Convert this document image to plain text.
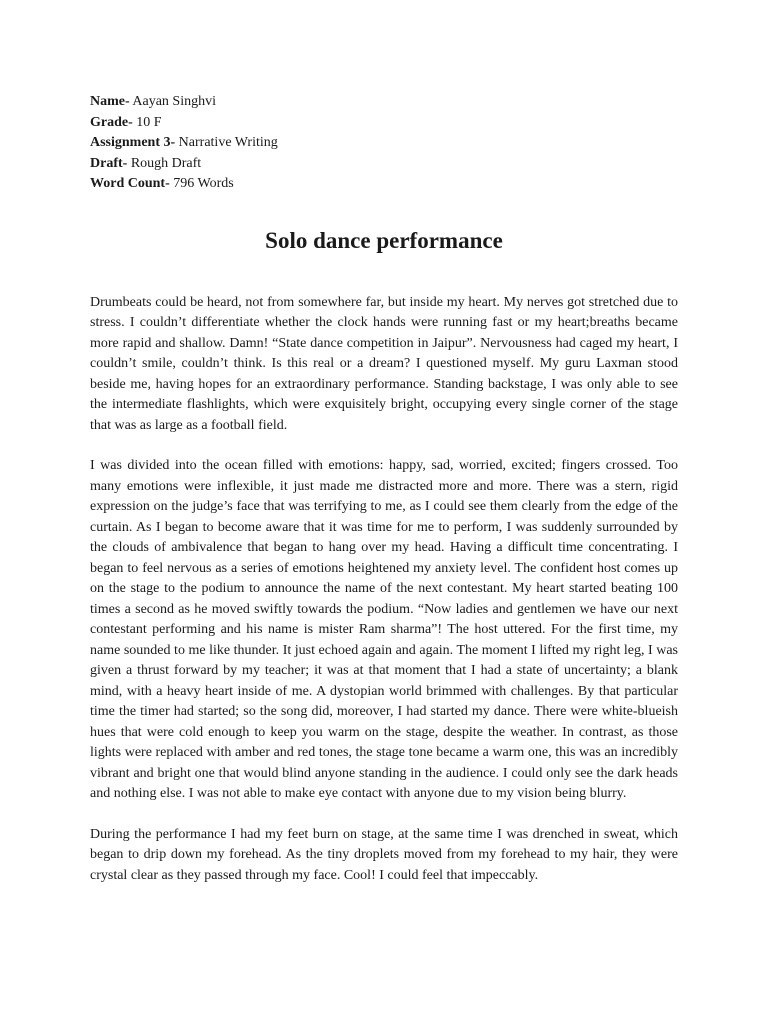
Name- Aayan Singhvi
Grade- 10 F
Assignment 3- Narrative Writing
Draft- Rough Draft
Word Count- 796 Words
Solo dance performance

Drumbeats could be heard, not from somewhere far, but inside my heart. My nerves got stretched due to stress. I couldn’t differentiate whether the clock hands were running fast or my heart;breaths became more rapid and shallow. Damn! “State dance competition in Jaipur”. Nervousness had caged my heart, I couldn’t smile, couldn’t think. Is this real or a dream? I questioned myself. My guru Laxman stood beside me, having hopes for an extraordinary performance. Standing backstage, I was only able to see the intermediate flashlights, which were exquisitely bright, occupying every single corner of the stage that was as large as a football field.

I was divided into the ocean filled with emotions: happy, sad, worried, excited; fingers crossed. Too many emotions were inflexible, it just made me distracted more and more. There was a stern, rigid expression on the judge’s face that was terrifying to me, as I could see them clearly from the edge of the curtain. As I began to become aware that it was time for me to perform, I was suddenly surrounded by the clouds of ambivalence that began to hang over my head. Having a difficult time concentrating. I began to feel nervous as a series of emotions heightened my anxiety level. The confident host comes up on the stage to the podium to announce the name of the next contestant. My heart started beating 100 times a second as he moved swiftly towards the podium. “Now ladies and gentlemen we have our next contestant performing and his name is mister Ram sharma”! The host uttered. For the first time, my name sounded to me like thunder. It just echoed again and again. The moment I lifted my right leg, I was given a thrust forward by my teacher; it was at that moment that I had a state of uncertainty; a blank mind, with a heavy heart inside of me. A dystopian world brimmed with challenges. By that particular time the timer had started; so the song did, moreover, I had started my dance. There were white-blueish hues that were cold enough to keep you warm on the stage, despite the weather. In contrast, as those lights were replaced with amber and red tones, the stage tone became a warm one, this was an incredibly vibrant and bright one that would blind anyone standing in the audience. I could only see the dark heads and nothing else. I was not able to make eye contact with anyone due to my vision being blurry.

During the performance I had my feet burn on stage, at the same time I was drenched in sweat, which began to drip down my forehead. As the tiny droplets moved from my forehead to my hair, they were crystal clear as they passed through my face. Cool! I could feel that impeccably.
